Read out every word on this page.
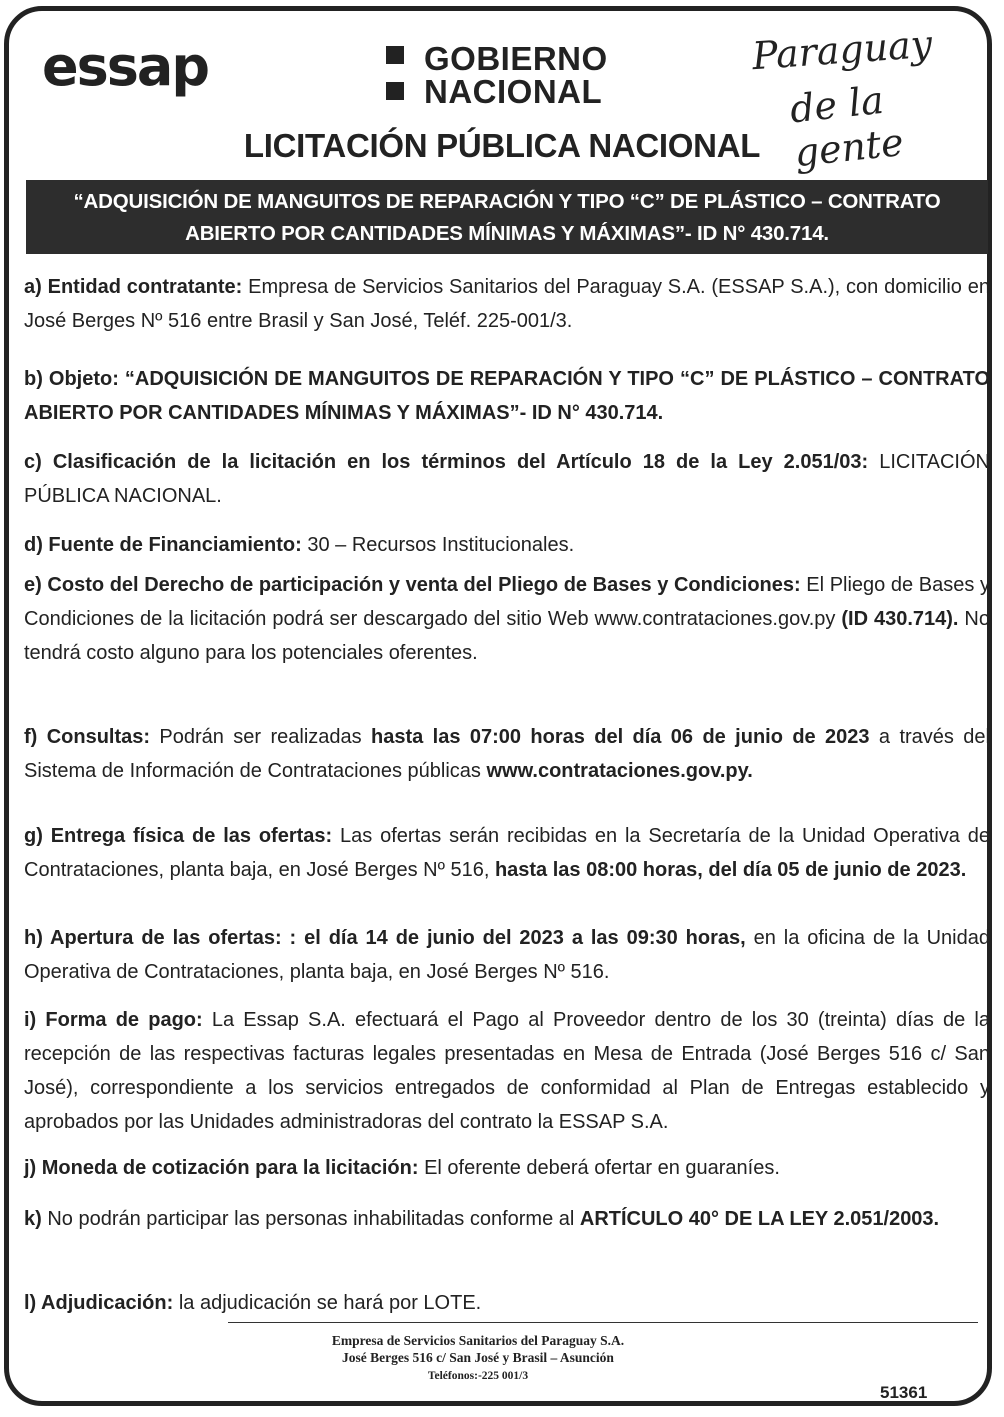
essap	GOBIERNO
NACIONAL
Paraguay
de la gente
LICITACIÓN PÚBLICA NACIONAL
“ADQUISICIÓN DE MANGUITOS DE REPARACIÓN Y TIPO “C” DE PLÁSTICO – CONTRATO
ABIERTO POR CANTIDADES MÍNIMAS Y MÁXIMAS”- ID N° 430.714.
a) Entidad contratante: Empresa de Servicios Sanitarios del Paraguay S.A. (ESSAP S.A.), con domicilio en José Berges Nº 516 entre Brasil y San José, Teléf. 225-001/3.
b) Objeto: “ADQUISICIÓN DE MANGUITOS DE REPARACIÓN Y TIPO “C” DE PLÁSTICO – CONTRATO ABIERTO POR CANTIDADES MÍNIMAS Y MÁXIMAS”- ID N° 430.714.
c) Clasificación de la licitación en los términos del Artículo 18 de la Ley 2.051/03: LICITACIÓN PÚBLICA NACIONAL.
d) Fuente de Financiamiento: 30 – Recursos Institucionales.
e) Costo del Derecho de participación y venta del Pliego de Bases y Condiciones: El Pliego de Bases y Condiciones de la licitación podrá ser descargado del sitio Web www.contrataciones.gov.py (ID 430.714). No tendrá costo alguno para los potenciales oferentes.
f) Consultas: Podrán ser realizadas hasta las 07:00 horas del día 06 de junio de 2023 a través del Sistema de Información de Contrataciones públicas www.contrataciones.gov.py.
g) Entrega física de las ofertas: Las ofertas serán recibidas en la Secretaría de la Unidad Operativa de Contrataciones, planta baja, en José Berges Nº 516, hasta las 08:00 horas, del día 05 de junio de 2023.
h) Apertura de las ofertas: : el día 14 de junio del 2023 a las 09:30 horas, en la oficina de la Unidad Operativa de Contrataciones, planta baja, en José Berges Nº 516.
i) Forma de pago: La Essap S.A. efectuará el Pago al Proveedor dentro de los 30 (treinta) días de la recepción de las respectivas facturas legales presentadas en Mesa de Entrada (José Berges 516 c/ San José), correspondiente a los servicios entregados de conformidad al Plan de Entregas establecido y aprobados por las Unidades administradoras del contrato la ESSAP S.A.
j) Moneda de cotización para la licitación: El oferente deberá ofertar en guaraníes.
k) No podrán participar las personas inhabilitadas conforme al ARTÍCULO 40° DE LA LEY 2.051/2003.
l) Adjudicación: la adjudicación se hará por LOTE.
Empresa de Servicios Sanitarios del Paraguay S.A.
José Berges 516 c/ San José y Brasil – Asunción
Teléfonos:-225 001/3
51361
